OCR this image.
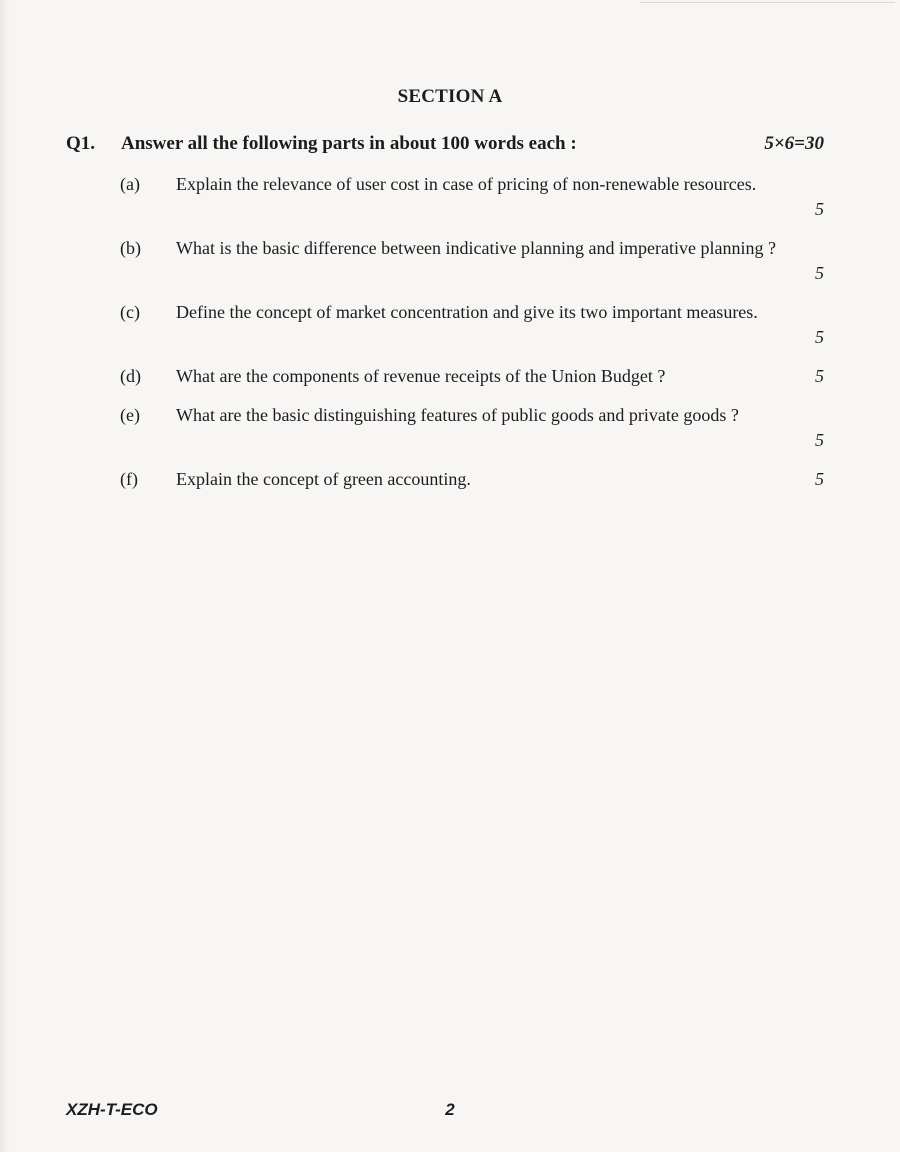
SECTION A
Q1. Answer all the following parts in about 100 words each :	5×6=30
(a) Explain the relevance of user cost in case of pricing of non-renewable resources.
5
(b) What is the basic difference between indicative planning and imperative planning ?
5
(c) Define the concept of market concentration and give its two important measures.
5
(d) What are the components of revenue receipts of the Union Budget ?	5
(e) What are the basic distinguishing features of public goods and private goods ?
5
(f) Explain the concept of green accounting.	5
XZH-T-ECO	2
